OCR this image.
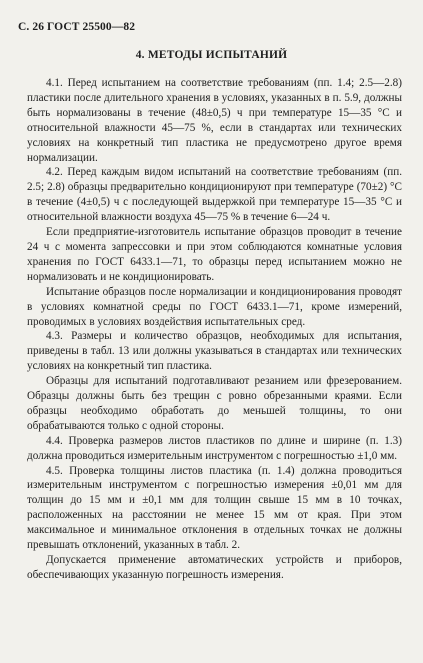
С. 26 ГОСТ 25500—82
4. МЕТОДЫ ИСПЫТАНИЙ

4.1. Перед испытанием на соответствие требованиям (пп. 1.4; 2.5—2.8) пластики после длительного хранения в условиях, указанных в п. 5.9, должны быть нормализованы в течение (48±0,5) ч при температуре 15—35 °C и относительной влажности 45—75 %, если в стандартах или технических условиях на конкретный тип пластика не предусмотрено другое время нормализации.

4.2. Перед каждым видом испытаний на соответствие требованиям (пп. 2.5; 2.8) образцы предварительно кондиционируют при температуре (70±2) °C в течение (4±0,5) ч с последующей выдержкой при температуре 15—35 °C и относительной влажности воздуха 45—75 % в течение 6—24 ч.

Если предприятие-изготовитель испытание образцов проводит в течение 24 ч с момента запрессовки и при этом соблюдаются комнатные условия хранения по ГОСТ 6433.1—71, то образцы перед испытанием можно не нормализовать и не кондиционировать.

Испытание образцов после нормализации и кондиционирования проводят в условиях комнатной среды по ГОСТ 6433.1—71, кроме измерений, проводимых в условиях воздействия испытательных сред.

4.3. Размеры и количество образцов, необходимых для испытания, приведены в табл. 13 или должны указываться в стандартах или технических условиях на конкретный тип пластика.

Образцы для испытаний подготавливают резанием или фрезерованием. Образцы должны быть без трещин с ровно обрезанными краями. Если образцы необходимо обработать до меньшей толщины, то они обрабатываются только с одной стороны.

4.4. Проверка размеров листов пластиков по длине и ширине (п. 1.3) должна проводиться измерительным инструментом с погрешностью ±1,0 мм.

4.5. Проверка толщины листов пластика (п. 1.4) должна проводиться измерительным инструментом с погрешностью измерения ±0,01 мм для толщин до 15 мм и ±0,1 мм для толщин свыше 15 мм в 10 точках, расположенных на расстоянии не менее 15 мм от края. При этом максимальное и минимальное отклонения в отдельных точках не должны превышать отклонений, указанных в табл. 2.

Допускается применение автоматических устройств и приборов, обеспечивающих указанную погрешность измерения.
